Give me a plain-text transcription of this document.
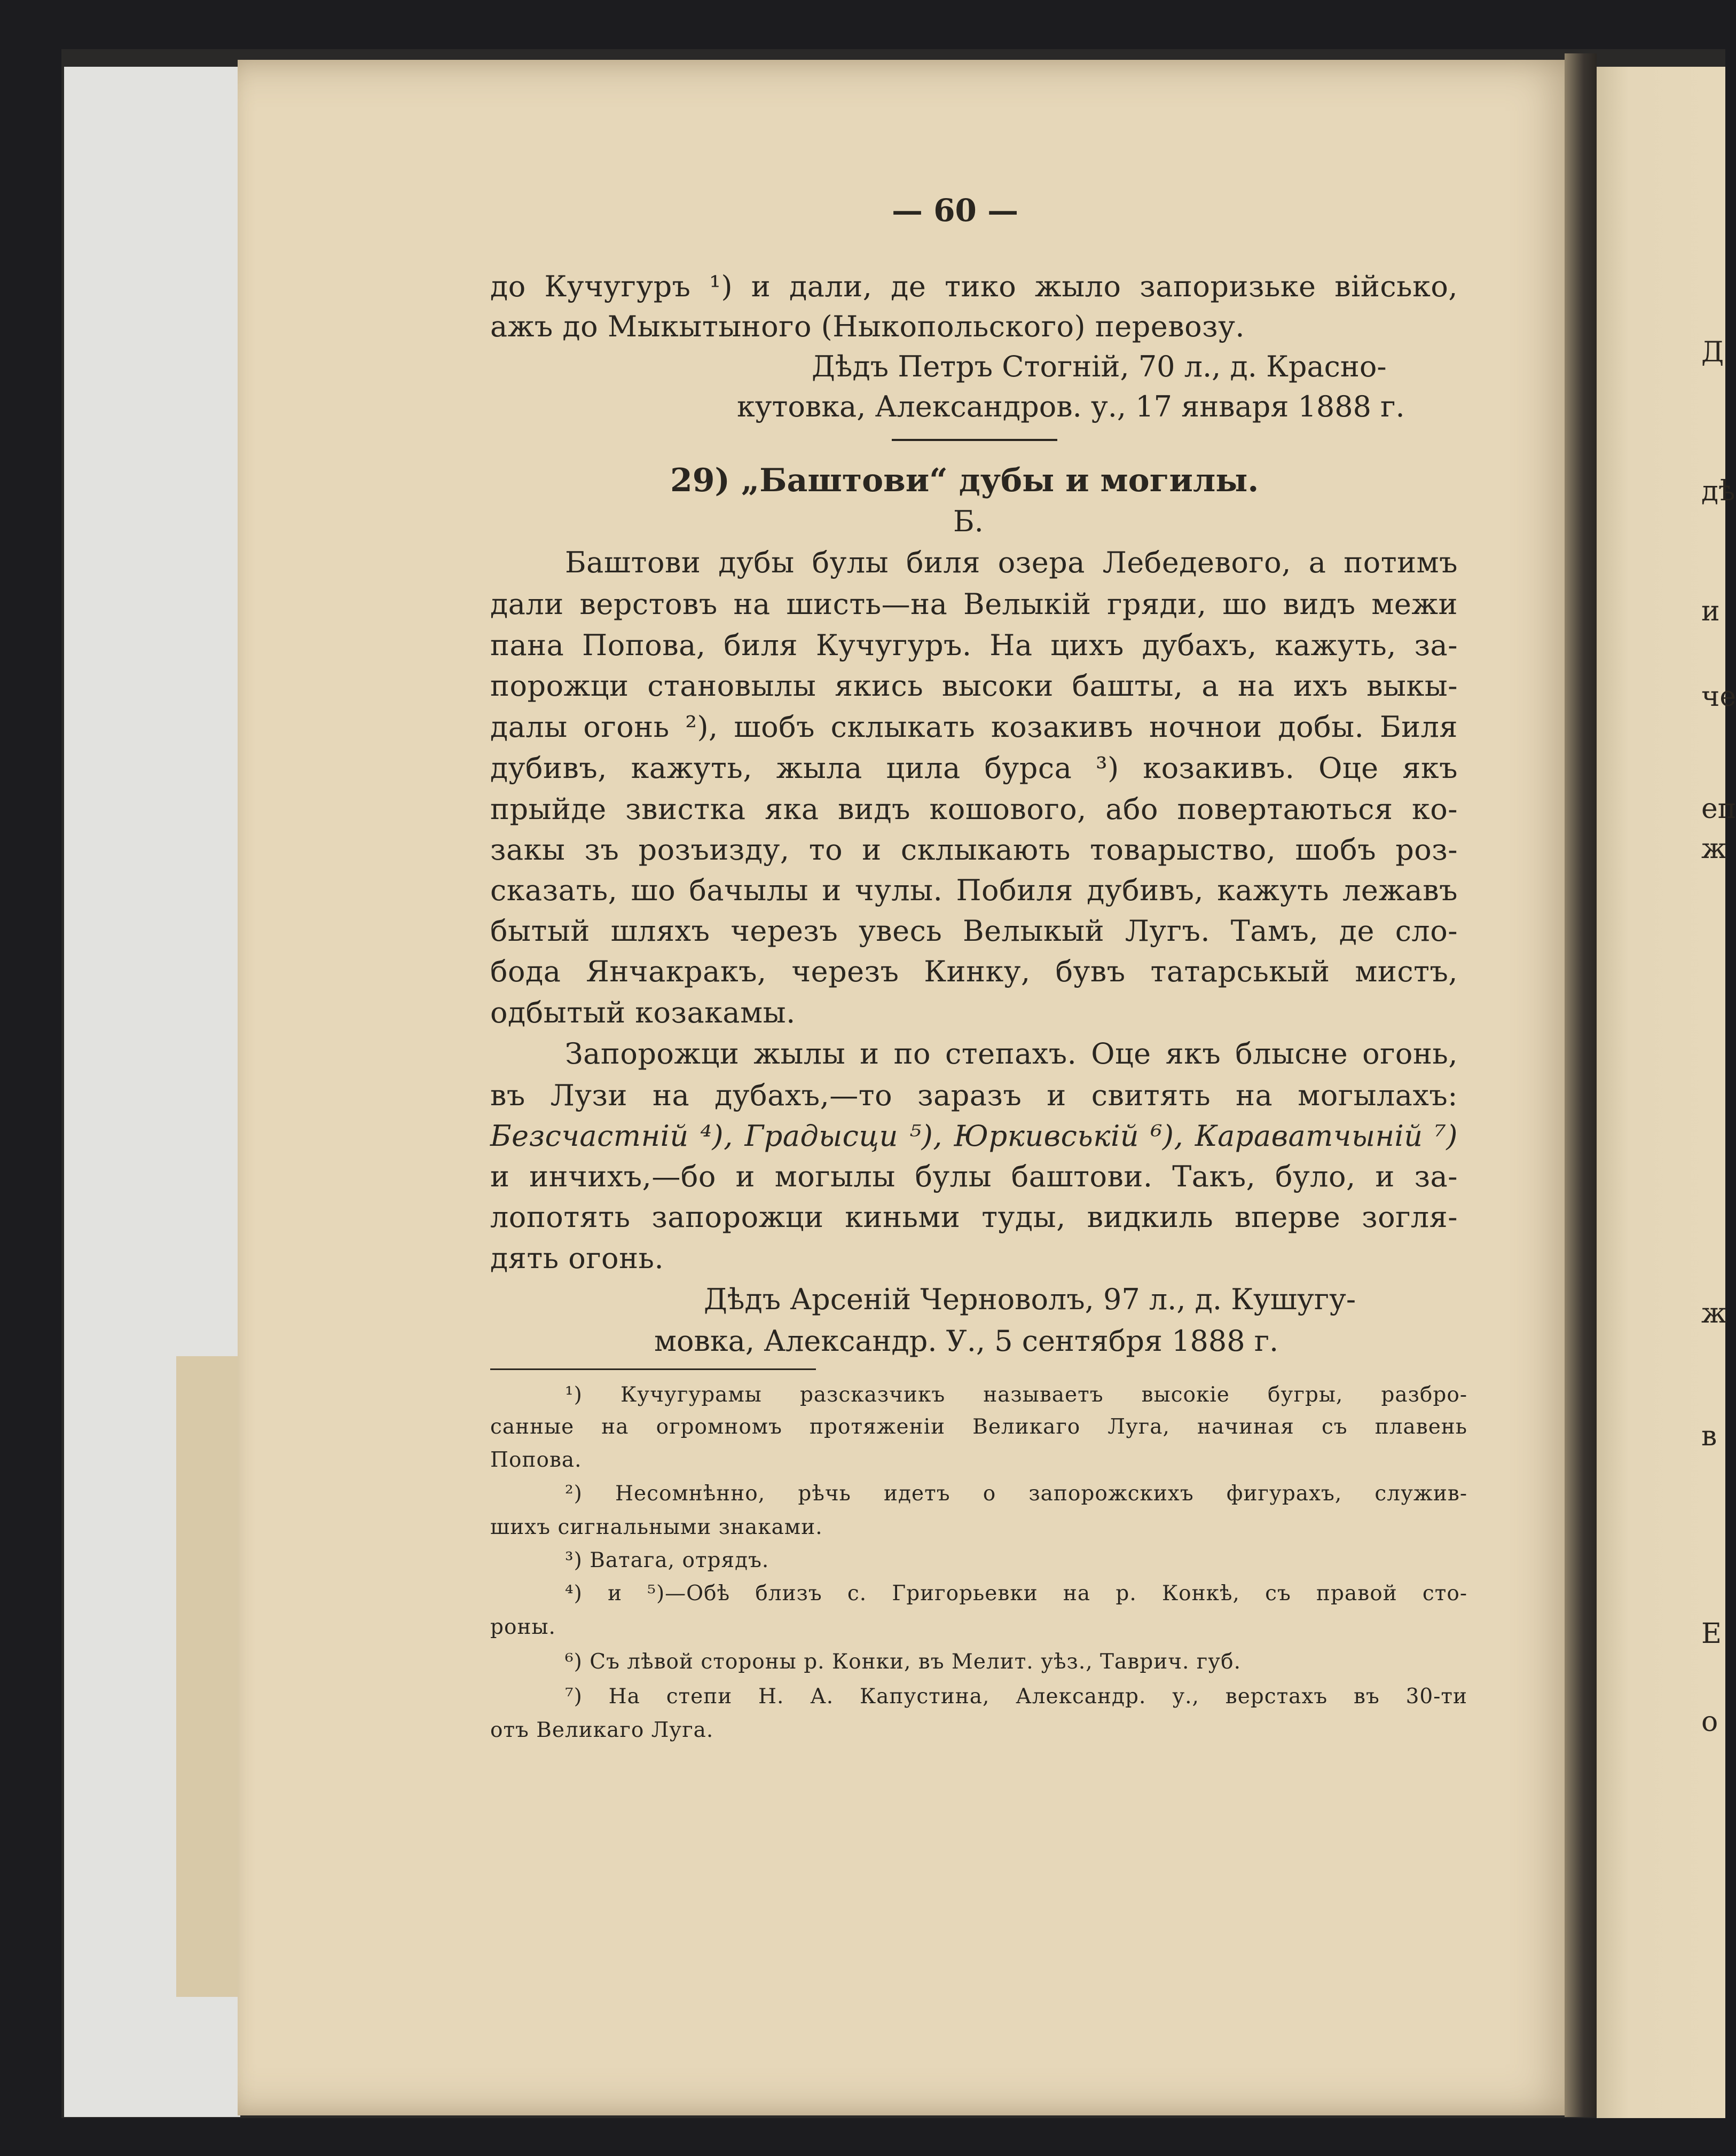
Д
дѣ
и
че
еп
ж
ж
в
Е
о
— 60 —
до Кучугуръ ¹) и дали, де тико жыло запоризьке військо,
ажъ до Мыкытыного (Ныкопольского) перевозу.
Дѣдъ Петръ Стогній, 70 л., д. Красно-
кутовка, Александров. у., 17 января 1888 г.
29) „Баштови“ дубы и могилы.
Б.
Баштови дубы булы биля озера Лебедевого, а потимъ
дали верстовъ на шисть—на Велыкій гряди, шо видъ межи
пана Попова, биля Кучугуръ. На цихъ дубахъ, кажуть, за-
порожци становылы якись высоки башты, а на ихъ выкы-
далы огонь ²), шобъ склыкать козакивъ ночнои добы. Биля
дубивъ, кажуть, жыла цила бурса ³) козакивъ. Оце якъ
прыйде звистка яка видъ кошового, або повертаються ко-
закы зъ розъизду, то и склыкають товарыство, шобъ роз-
сказать, шо бачылы и чулы. Побиля дубивъ, кажуть лежавъ
бытый шляхъ черезъ увесь Велыкый Лугъ. Тамъ, де сло-
бода Янчакракъ, черезъ Кинку, бувъ татарськый мистъ,
одбытый козакамы.
Запорожци жылы и по степахъ. Оце якъ блысне огонь,
въ Лузи на дубахъ,—то заразъ и свитять на могылахъ:
Безсчастній ⁴), Градысци ⁵), Юркивській ⁶), Караватчыній ⁷)
и инчихъ,—бо и могылы булы баштови. Такъ, було, и за-
лопотять запорожци киньми туды, видкиль вперве зогля-
дять огонь.
Дѣдъ Арсеній Черноволъ, 97 л., д. Кушугу-
мовка, Александр. У., 5 сентября 1888 г.
¹) Кучугурамы разсказчикъ называетъ высокіе бугры, разбро-
санные на огромномъ протяженіи Великаго Луга, начиная съ плавень
Попова.
²) Несомнѣнно, рѣчь идетъ о запорожскихъ фигурахъ, служив-
шихъ сигнальными знаками.
³) Ватага, отрядъ.
⁴) и ⁵)—Обѣ близъ с. Григорьевки на р. Конкѣ, съ правой сто-
роны.
⁶) Съ лѣвой стороны р. Конки, въ Мелит. уѣз., Таврич. губ.
⁷) На степи Н. А. Капустина, Александр. у., верстахъ въ 30-ти
отъ Великаго Луга.
